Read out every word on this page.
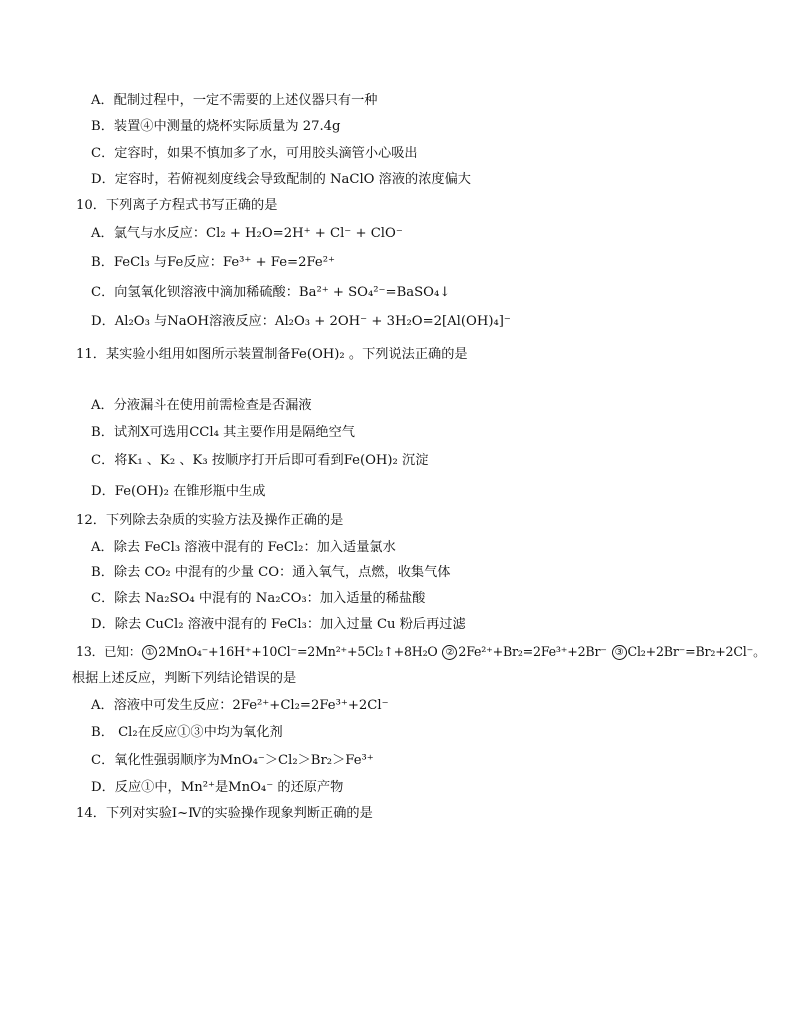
A．配制过程中，一定不需要的上述仪器只有一种
B．装置④中测量的烧杯实际质量为 27.4g
C．定容时，如果不慎加多了水，可用胶头滴管小心吸出
D．定容时，若俯视刻度线会导致配制的 NaClO 溶液的浓度偏大
10．下列离子方程式书写正确的是
A．氯气与水反应：Cl₂ + H₂O=2H⁺ + Cl⁻ + ClO⁻
B．FeCl₃ 与Fe反应：Fe³⁺ + Fe=2Fe²⁺
C．向氢氧化钡溶液中滴加稀硫酸：Ba²⁺ + SO₄²⁻=BaSO₄↓
D．Al₂O₃ 与NaOH溶液反应：Al₂O₃ + 2OH⁻ + 3H₂O=2[Al(OH)₄]⁻
11．某实验小组用如图所示装置制备Fe(OH)₂ 。下列说法正确的是
A．分液漏斗在使用前需检查是否漏液
B．试剂X可选用CCl₄ 其主要作用是隔绝空气
C．将K₁ 、K₂ 、K₃ 按顺序打开后即可看到Fe(OH)₂ 沉淀
D．Fe(OH)₂ 在锥形瓶中生成
12．下列除去杂质的实验方法及操作正确的是
A．除去 FeCl₃ 溶液中混有的 FeCl₂：加入适量氯水
B．除去 CO₂ 中混有的少量 CO：通入氧气，点燃，收集气体
C．除去 Na₂SO₄ 中混有的 Na₂CO₃：加入适量的稀盐酸
D．除去 CuCl₂ 溶液中混有的 FeCl₃：加入过量 Cu 粉后再过滤
13．已知： ① 2MnO₄⁻+16H⁺+10Cl⁻=2Mn²⁺+5Cl₂↑+8H₂O ② 2Fe²⁺+Br₂=2Fe³⁺+2Br⁻ ③ Cl₂+2Br⁻=Br₂+2Cl⁻。
根据上述反应，判断下列结论错误的是
A．溶液中可发生反应：2Fe²⁺+Cl₂=2Fe³⁺+2Cl⁻
B． Cl₂在反应①③中均为氧化剂
C．氧化性强弱顺序为MnO₄⁻＞Cl₂＞Br₂＞Fe³⁺
D．反应①中，Mn²⁺是MnO₄⁻ 的还原产物
14．下列对实验Ⅰ~Ⅳ的实验操作现象判断正确的是
